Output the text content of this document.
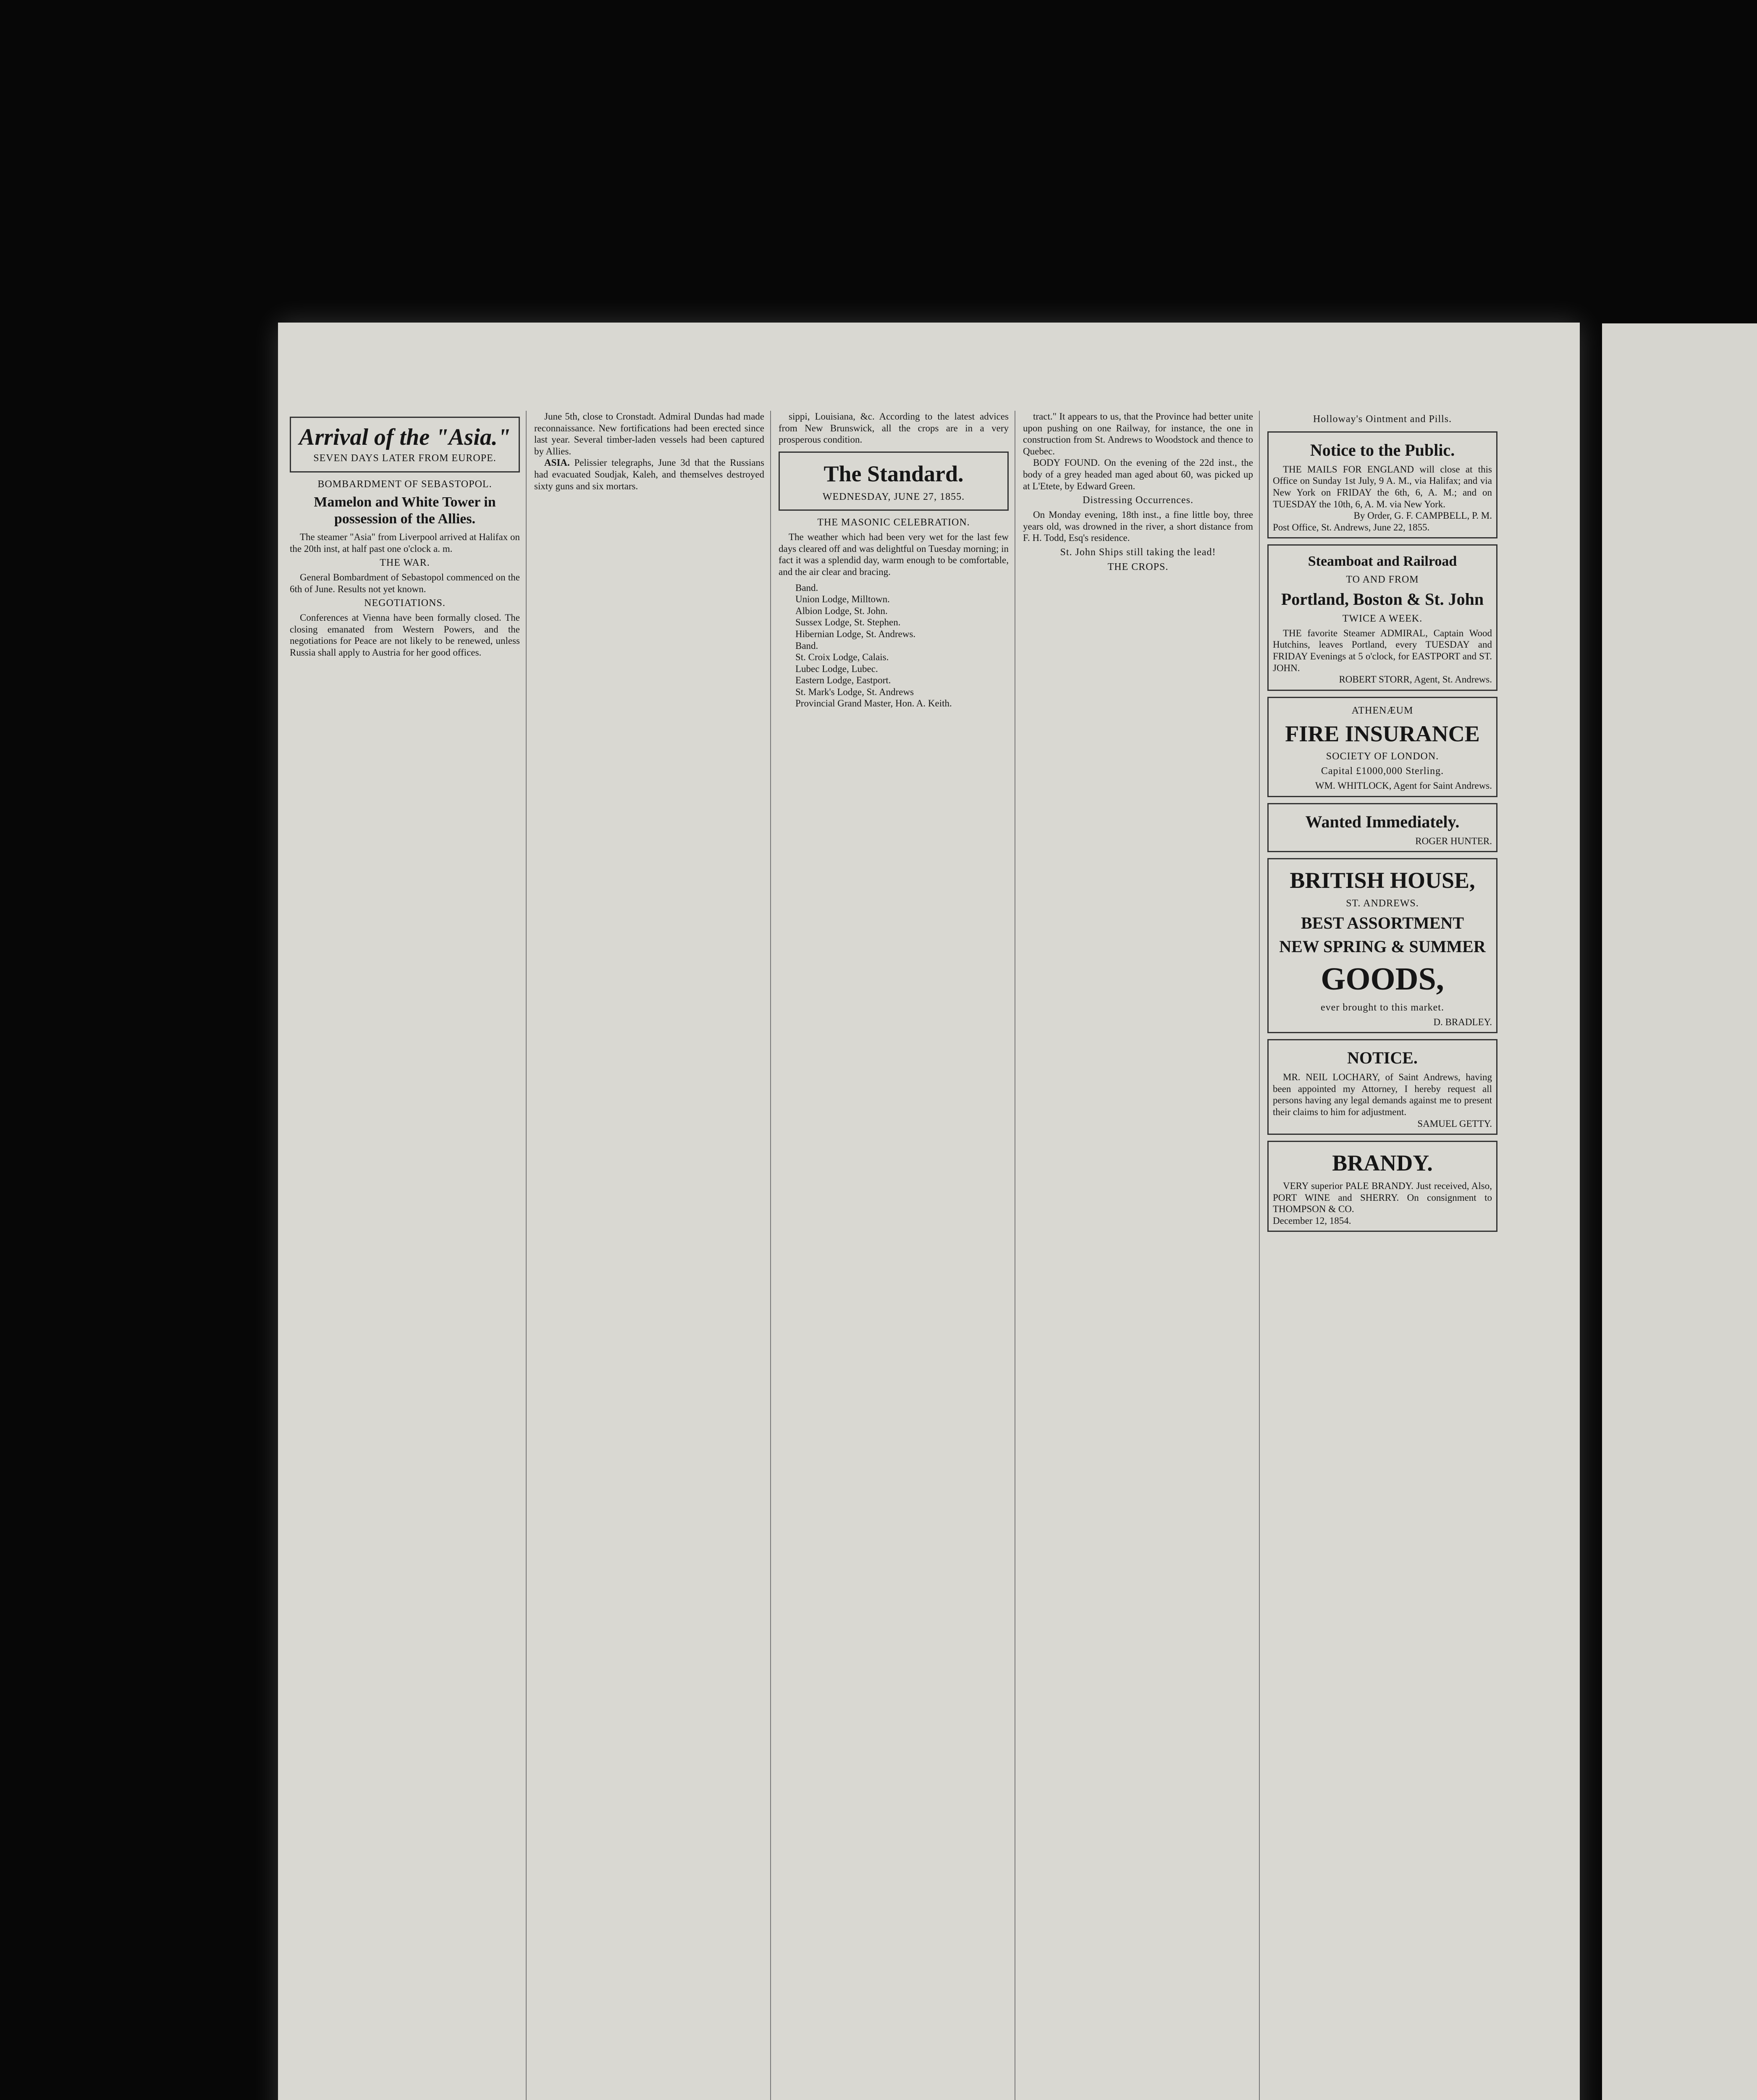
Arrival of the "Asia."
SEVEN DAYS LATER FROM EUROPE.
BOMBARDMENT OF SEBASTOPOL.
Mamelon and White Tower in possession of the Allies.

The steamer "Asia" from Liverpool arrived at Halifax on the 20th inst, at half past one o'clock a. m.

THE WAR.

General Bombardment of Sebastopol commenced on the 6th of June. Results not yet known.

NEGOTIATIONS.

Conferences at Vienna have been formally closed. The closing emanated from Western Powers, and the negotiations for Peace are not likely to be renewed, unless Russia shall apply to Austria for her good offices.

June 5th, close to Cronstadt. Admiral Dundas had made reconnaissance. New fortifications had been erected since last year. Several timber-laden vessels had been captured by Allies.

ASIA. Pelissier telegraphs, June 3d that the Russians had evacuated Soudjak, Kaleh, and themselves destroyed sixty guns and six mortars.

sippi, Louisiana, &c. According to the latest advices from New Brunswick, all the crops are in a very prosperous condition.

The Standard.
WEDNESDAY, JUNE 27, 1855.
THE MASONIC CELEBRATION.

The weather which had been very wet for the last few days cleared off and was delightful on Tuesday morning; in fact it was a splendid day, warm enough to be comfortable, and the air clear and bracing.

Band.
Union Lodge, Milltown.
Albion Lodge, St. John.
Sussex Lodge, St. Stephen.
Hibernian Lodge, St. Andrews.
Band.
St. Croix Lodge, Calais.
Lubec Lodge, Lubec.
Eastern Lodge, Eastport.
St. Mark's Lodge, St. Andrews
Provincial Grand Master, Hon. A. Keith.

tract." It appears to us, that the Province had better unite upon pushing on one Railway, for instance, the one in construction from St. Andrews to Woodstock and thence to Quebec.

BODY FOUND. On the evening of the 22d inst., the body of a grey headed man aged about 60, was picked up at L'Etete, by Edward Green.

Distressing Occurrences.

On Monday evening, 18th inst., a fine little boy, three years old, was drowned in the river, a short distance from F. H. Todd, Esq's residence.

St. John Ships still taking the lead!
THE CROPS.
Holloway's Ointment and Pills.
Notice to the Public.

THE MAILS FOR ENGLAND will close at this Office on Sunday 1st July, 9 A. M., via Halifax; and via New York on FRIDAY the 6th, 6, A. M.; and on TUESDAY the 10th, 6, A. M. via New York.

By Order, G. F. CAMPBELL, P. M.
Post Office, St. Andrews, June 22, 1855.
Steamboat and Railroad
TO AND FROM
Portland, Boston & St. John
TWICE A WEEK.

THE favorite Steamer ADMIRAL, Captain Wood Hutchins, leaves Portland, every TUESDAY and FRIDAY Evenings at 5 o'clock, for EASTPORT and ST. JOHN.

ROBERT STORR, Agent, St. Andrews.
ATHENÆUM
FIRE INSURANCE
SOCIETY OF LONDON.
Capital £1000,000 Sterling.
WM. WHITLOCK, Agent for Saint Andrews.
Wanted Immediately.
ROGER HUNTER.
BRITISH HOUSE,
ST. ANDREWS.
BEST ASSORTMENT
NEW SPRING & SUMMER
GOODS,
ever brought to this market.
D. BRADLEY.
NOTICE.

MR. NEIL LOCHARY, of Saint Andrews, having been appointed my Attorney, I hereby request all persons having any legal demands against me to present their claims to him for adjustment.

SAMUEL GETTY.
BRANDY.

VERY superior PALE BRANDY. Just received, Also, PORT WINE and SHERRY. On consignment to THOMPSON & CO.

December 12, 1854.
